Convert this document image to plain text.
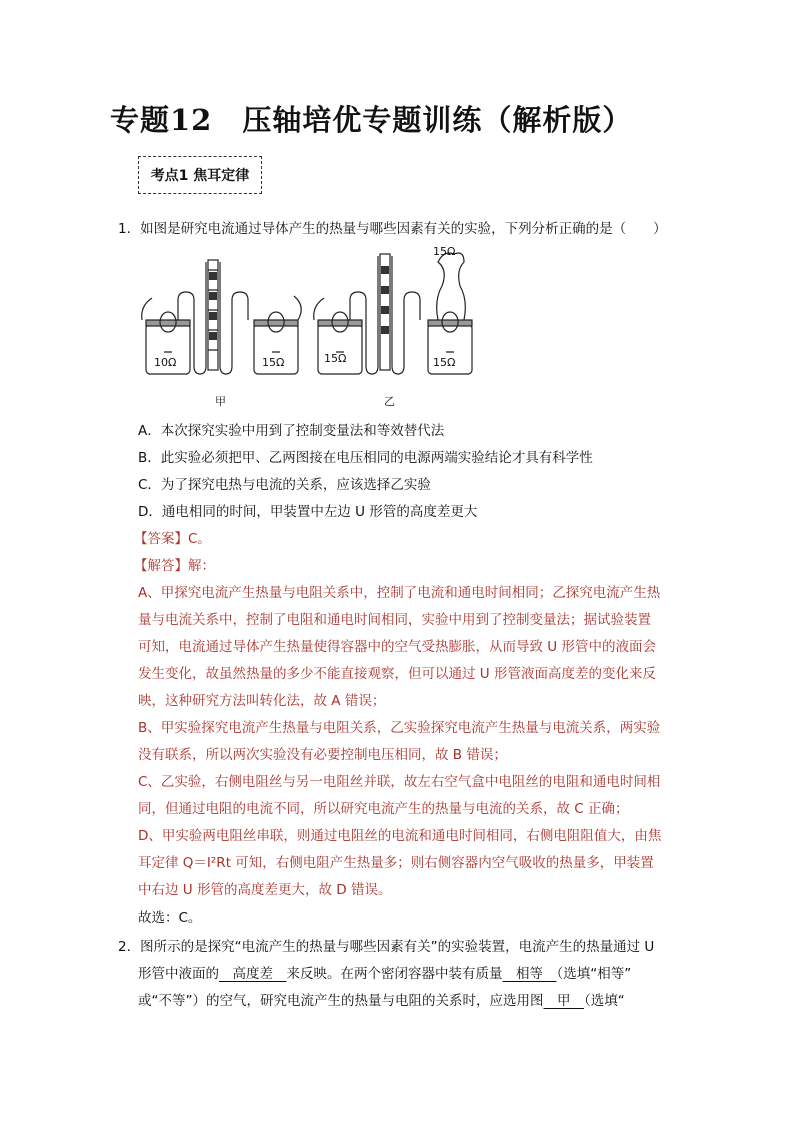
专题12　压轴培优专题训练（解析版）
考点1 焦耳定律
1．如图是研究电流通过导体产生的热量与哪些因素有关的实验，下列分析正确的是（　　）
10Ω	15Ω
甲
15Ω	15Ω
15Ω
乙
A．本次探究实验中用到了控制变量法和等效替代法
B．此实验必须把甲、乙两图接在电压相同的电源两端实验结论才具有科学性
C．为了探究电热与电流的关系，应该选择乙实验
D．通电相同的时间，甲装置中左边 U 形管的高度差更大
【答案】C。
【解答】解：
A、甲探究电流产生热量与电阻关系中，控制了电流和通电时间相同；乙探究电流产生热
量与电流关系中，控制了电阻和通电时间相同，实验中用到了控制变量法；据试验装置
可知，电流通过导体产生热量使得容器中的空气受热膨胀，从而导致 U 形管中的液面会
发生变化，故虽然热量的多少不能直接观察，但可以通过 U 形管液面高度差的变化来反
映，这种研究方法叫转化法，故 A 错误；
B、甲实验探究电流产生热量与电阻关系，乙实验探究电流产生热量与电流关系，两实验
没有联系，所以两次实验没有必要控制电压相同，故 B 错误；
C、乙实验，右侧电阻丝与另一电阻丝并联，故左右空气盒中电阻丝的电阻和通电时间相
同，但通过电阻的电流不同，所以研究电流产生的热量与电流的关系，故 C 正确；
D、甲实验两电阻丝串联，则通过电阻丝的电流和通电时间相同，右侧电阻阻值大，由焦
耳定律 Q＝I²Rt 可知，右侧电阻产生热量多；则右侧容器内空气吸收的热量多，甲装置
中右边 U 形管的高度差更大，故 D 错误。
故选：C。
2．图所示的是探究“电流产生的热量与哪些因素有关”的实验装置，电流产生的热量通过 U
形管中液面的　高度差　来反映。在两个密闭容器中装有质量　相等　（选填“相等”
或“不等”）的空气，研究电流产生的热量与电阻的关系时，应选用图　甲　（选填“
